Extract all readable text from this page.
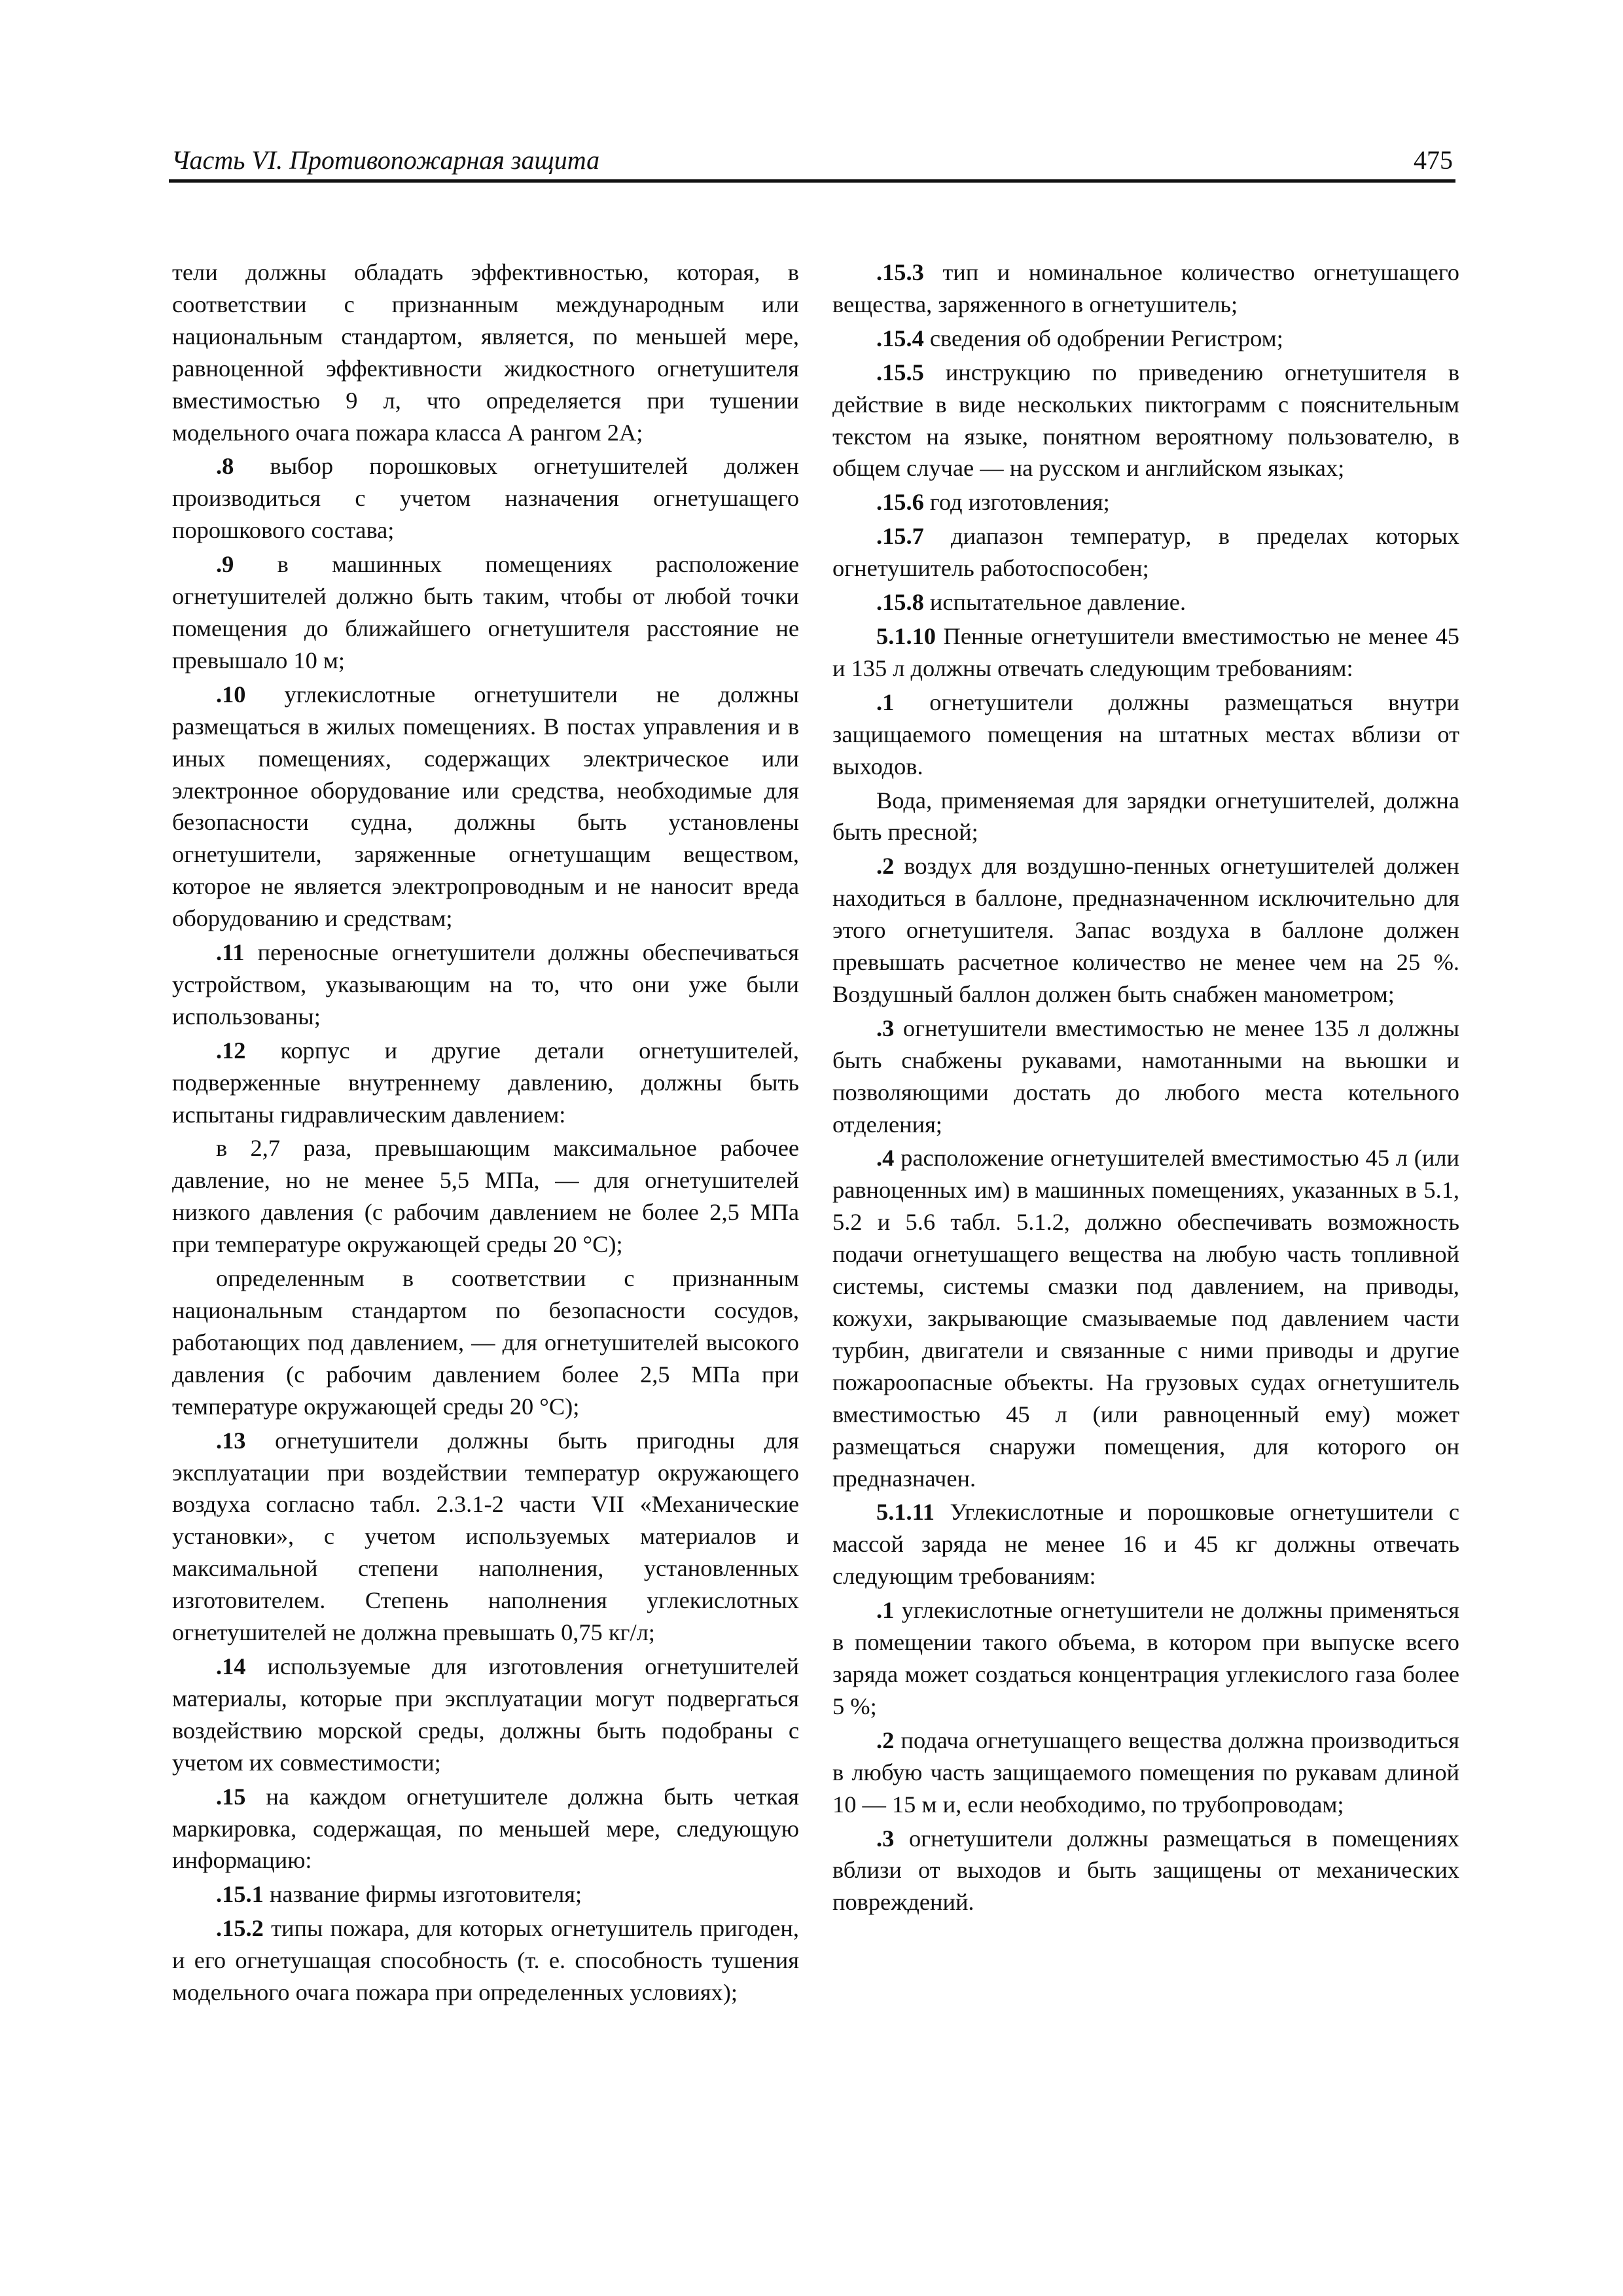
Часть VI. Противопожарная защита	475

тели должны обладать эффективностью, которая, в соответствии с признанным международным или национальным стандартом, является, по меньшей мере, равноценной эффективности жидкостного огнетушителя вместимостью 9 л, что определяется при тушении модельного очага пожара класса А рангом 2А;

.8 выбор порошковых огнетушителей должен производиться с учетом назначения огнетушащего порошкового состава;

.9 в машинных помещениях расположение огнетушителей должно быть таким, чтобы от любой точки помещения до ближайшего огнетушителя расстояние не превышало 10 м;

.10 углекислотные огнетушители не должны размещаться в жилых помещениях. В постах управления и в иных помещениях, содержащих электрическое или электронное оборудование или средства, необходимые для безопасности судна, должны быть установлены огнетушители, заряженные огнетушащим веществом, которое не является электропроводным и не наносит вреда оборудованию и средствам;

.11 переносные огнетушители должны обеспечиваться устройством, указывающим на то, что они уже были использованы;

.12 корпус и другие детали огнетушителей, подверженные внутреннему давлению, должны быть испытаны гидравлическим давлением:

в 2,7 раза, превышающим максимальное рабочее давление, но не менее 5,5 МПа, — для огнетушителей низкого давления (с рабочим давлением не более 2,5 МПа при температуре окружающей среды 20 °С);

определенным в соответствии с признанным национальным стандартом по безопасности сосудов, работающих под давлением, — для огнетушителей высокого давления (с рабочим давлением более 2,5 МПа при температуре окружающей среды 20 °С);

.13 огнетушители должны быть пригодны для эксплуатации при воздействии температур окружающего воздуха согласно табл. 2.3.1-2 части VII «Механические установки», с учетом используемых материалов и максимальной степени наполнения, установленных изготовителем. Степень наполнения углекислотных огнетушителей не должна превышать 0,75 кг/л;

.14 используемые для изготовления огнетушителей материалы, которые при эксплуатации могут подвергаться воздействию морской среды, должны быть подобраны с учетом их совместимости;

.15 на каждом огнетушителе должна быть четкая маркировка, содержащая, по меньшей мере, следующую информацию:

.15.1 название фирмы изготовителя;

.15.2 типы пожара, для которых огнетушитель пригоден, и его огнетушащая способность (т. е. способность тушения модельного очага пожара при определенных условиях);

.15.3 тип и номинальное количество огнетушащего вещества, заряженного в огнетушитель;

.15.4 сведения об одобрении Регистром;

.15.5 инструкцию по приведению огнетушителя в действие в виде нескольких пиктограмм с пояснительным текстом на языке, понятном вероятному пользователю, в общем случае — на русском и английском языках;

.15.6 год изготовления;

.15.7 диапазон температур, в пределах которых огнетушитель работоспособен;

.15.8 испытательное давление.

5.1.10 Пенные огнетушители вместимостью не менее 45 и 135 л должны отвечать следующим требованиям:

.1 огнетушители должны размещаться внутри защищаемого помещения на штатных местах вблизи от выходов.

Вода, применяемая для зарядки огнетушителей, должна быть пресной;

.2 воздух для воздушно-пенных огнетушителей должен находиться в баллоне, предназначенном исключительно для этого огнетушителя. Запас воздуха в баллоне должен превышать расчетное количество не менее чем на 25 %. Воздушный баллон должен быть снабжен манометром;

.3 огнетушители вместимостью не менее 135 л должны быть снабжены рукавами, намотанными на вьюшки и позволяющими достать до любого места котельного отделения;

.4 расположение огнетушителей вместимостью 45 л (или равноценных им) в машинных помещениях, указанных в 5.1, 5.2 и 5.6 табл. 5.1.2, должно обеспечивать возможность подачи огнетушащего вещества на любую часть топливной системы, системы смазки под давлением, на приводы, кожухи, закрывающие смазываемые под давлением части турбин, двигатели и связанные с ними приводы и другие пожароопасные объекты. На грузовых судах огнетушитель вместимостью 45 л (или равноценный ему) может размещаться снаружи помещения, для которого он предназначен.

5.1.11 Углекислотные и порошковые огнетушители с массой заряда не менее 16 и 45 кг должны отвечать следующим требованиям:

.1 углекислотные огнетушители не должны применяться в помещении такого объема, в котором при выпуске всего заряда может создаться концентрация углекислого газа более 5 %;

.2 подача огнетушащего вещества должна производиться в любую часть защищаемого помещения по рукавам длиной 10 — 15 м и, если необходимо, по трубопроводам;

.3 огнетушители должны размещаться в помещениях вблизи от выходов и быть защищены от механических повреждений.
